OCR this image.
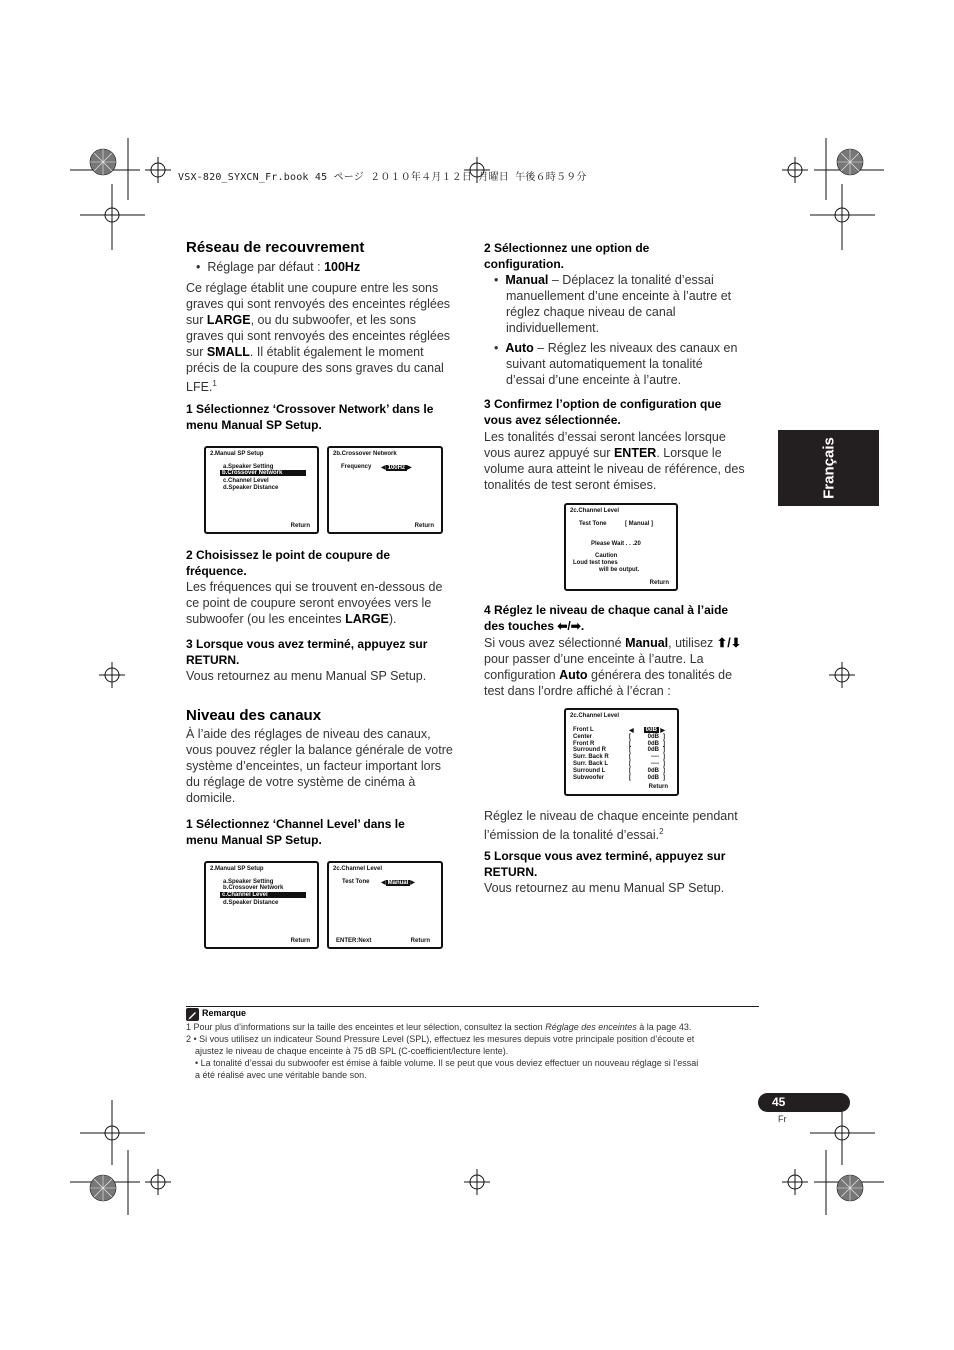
VSX-820_SYXCN_Fr.book 45 ページ ２０１０年４月１２日 月曜日 午後６時５９分
Français
Réseau de recouvrement
•  Réglage par défaut : 100Hz
Ce réglage établit une coupure entre les sons
graves qui sont renvoyés des enceintes réglées
sur LARGE, ou du subwoofer, et les sons
graves qui sont renvoyés des enceintes réglées
sur SMALL. Il établit également le moment
précis de la coupure des sons graves du canal
LFE.$^1$
1 Sélectionnez ‘Crossover Network’ dans le
menu Manual SP Setup.
2.Manual SP Setup
a.Speaker Setting
b.Crossover Network
c.Channel Level
d.Speaker Distance
Return
2b.Crossover Network
Frequency ◀ 100Hz ▶
Return
2 Choisissez le point de coupure de
fréquence.
Les fréquences qui se trouvent en-dessous de
ce point de coupure seront envoyées vers le
subwoofer (ou les enceintes LARGE).
3 Lorsque vous avez terminé, appuyez sur
RETURN.
Vous retournez au menu Manual SP Setup.
Niveau des canaux
À l’aide des réglages de niveau des canaux,
vous pouvez régler la balance générale de votre
système d’enceintes, un facteur important lors
du réglage de votre système de cinéma à
domicile.
1 Sélectionnez ‘Channel Level’ dans le
menu Manual SP Setup.
2.Manual SP Setup
a.Speaker Setting
b.Crossover Network
c.Channel Level
d.Speaker Distance
Return
2c.Channel Level
Test Tone ◀ Manual ▶
ENTER:Next	Return
2 Sélectionnez une option de
configuration.
•  Manual – Déplacez la tonalité d’essai
manuellement d’une enceinte à l’autre et
réglez chaque niveau de canal
individuellement.
•  Auto – Réglez les niveaux des canaux en
suivant automatiquement la tonalité
d’essai d’une enceinte à l’autre.
3 Confirmez l’option de configuration que
vous avez sélectionnée.
Les tonalités d’essai seront lancées lorsque
vous aurez appuyé sur ENTER. Lorsque le
volume aura atteint le niveau de référence, des
tonalités de test seront émises.
2c.Channel Level
Test Tone	[ Manual ]
Please Wait . . .20
Caution
Loud test tones
will be output.
Return
4 Réglez le niveau de chaque canal à l’aide
des touches ⬅/➡.
Si vous avez sélectionné Manual, utilisez ⬆/⬇
pour passer d’une enceinte à l’autre. La
configuration Auto générera des tonalités de
test dans l’ordre affiché à l’écran :
2c.Channel Level
Front L	◀	0dB ▶
Center	[	0dB ]
Front R	[	0dB ]
Surround R	[	0dB ]
Surr. Back R	[	---- ]
Surr. Back L	[	---- ]
Surround L	[	0dB ]
Subwoofer	[	0dB ]
Return
Réglez le niveau de chaque enceinte pendant
l’émission de la tonalité d’essai.$^2$
5 Lorsque vous avez terminé, appuyez sur
RETURN.
Vous retournez au menu Manual SP Setup.
Remarque
1 Pour plus d’informations sur la taille des enceintes et leur sélection, consultez la section Réglage des enceintes à la page 43.
2 • Si vous utilisez un indicateur Sound Pressure Level (SPL), effectuez les mesures depuis votre principale position d’écoute et
ajustez le niveau de chaque enceinte à 75 dB SPL (C-coefficient/lecture lente).
• La tonalité d’essai du subwoofer est émise à faible volume. Il se peut que vous deviez effectuer un nouveau réglage si l’essai
a été réalisé avec une véritable bande son.
45
Fr
